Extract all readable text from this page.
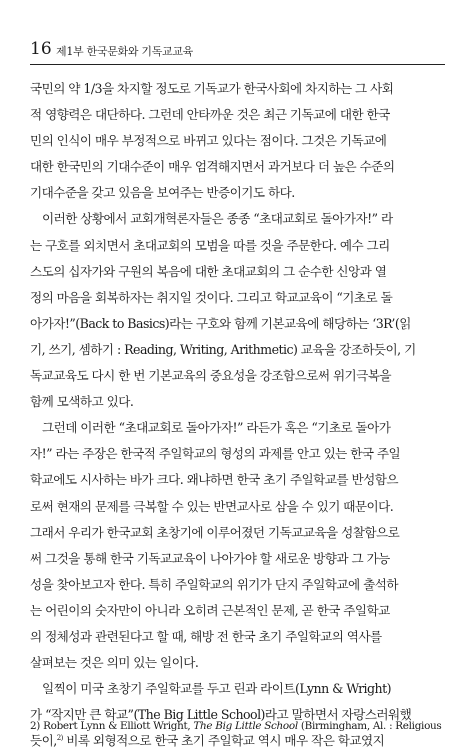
16 제1부 한국문화와 기독교교육
국민의 약 1/3을 차지할 정도로 기독교가 한국사회에 차지하는 그 사회
적 영향력은 대단하다. 그런데 안타까운 것은 최근 기독교에 대한 한국
민의 인식이 매우 부정적으로 바뀌고 있다는 점이다. 그것은 기독교에
대한 한국민의 기대수준이 매우 엄격해지면서 과거보다 더 높은 수준의
기대수준을 갖고 있음을 보여주는 반증이기도 하다.
이러한 상황에서 교회개혁론자들은 종종 “초대교회로 돌아가자!” 라
는 구호를 외치면서 초대교회의 모범을 따를 것을 주문한다. 예수 그리
스도의 십자가와 구원의 복음에 대한 초대교회의 그 순수한 신앙과 열
정의 마음을 회복하자는 취지일 것이다. 그리고 학교교육이 “기초로 돌
아가자!”(Back to Basics)라는 구호와 함께 기본교육에 해당하는 ‘3R’(읽
기, 쓰기, 셈하기 : Reading, Writing, Arithmetic) 교육을 강조하듯이, 기
독교교육도 다시 한 번 기본교육의 중요성을 강조함으로써 위기극복을
함께 모색하고 있다.
그런데 이러한 “초대교회로 돌아가자!” 라든가 혹은 “기초로 돌아가
자!” 라는 주장은 한국적 주일학교의 형성의 과제를 안고 있는 한국 주일
학교에도 시사하는 바가 크다. 왜냐하면 한국 초기 주일학교를 반성함으
로써 현재의 문제를 극복할 수 있는 반면교사로 삼을 수 있기 때문이다.
그래서 우리가 한국교회 초창기에 이루어졌던 기독교교육을 성찰함으로
써 그것을 통해 한국 기독교교육이 나아가야 할 새로운 방향과 그 가능
성을 찾아보고자 한다. 특히 주일학교의 위기가 단지 주일학교에 출석하
는 어린이의 숫자만이 아니라 오히려 근본적인 문제, 곧 한국 주일학교
의 정체성과 관련된다고 할 때, 해방 전 한국 초기 주일학교의 역사를
살펴보는 것은 의미 있는 일이다.
일찍이 미국 초창기 주일학교를 두고 린과 라이트(Lynn & Wright)
가 “작지만 큰 학교”(The Big Little School)라고 말하면서 자랑스러워했
듯이,$^{2)}$ 비록 외형적으로 한국 초기 주일학교 역시 매우 작은 학교였지
2) Robert Lynn & Elliott Wright, The Big Little School (Birmingham, Al. : Religious
